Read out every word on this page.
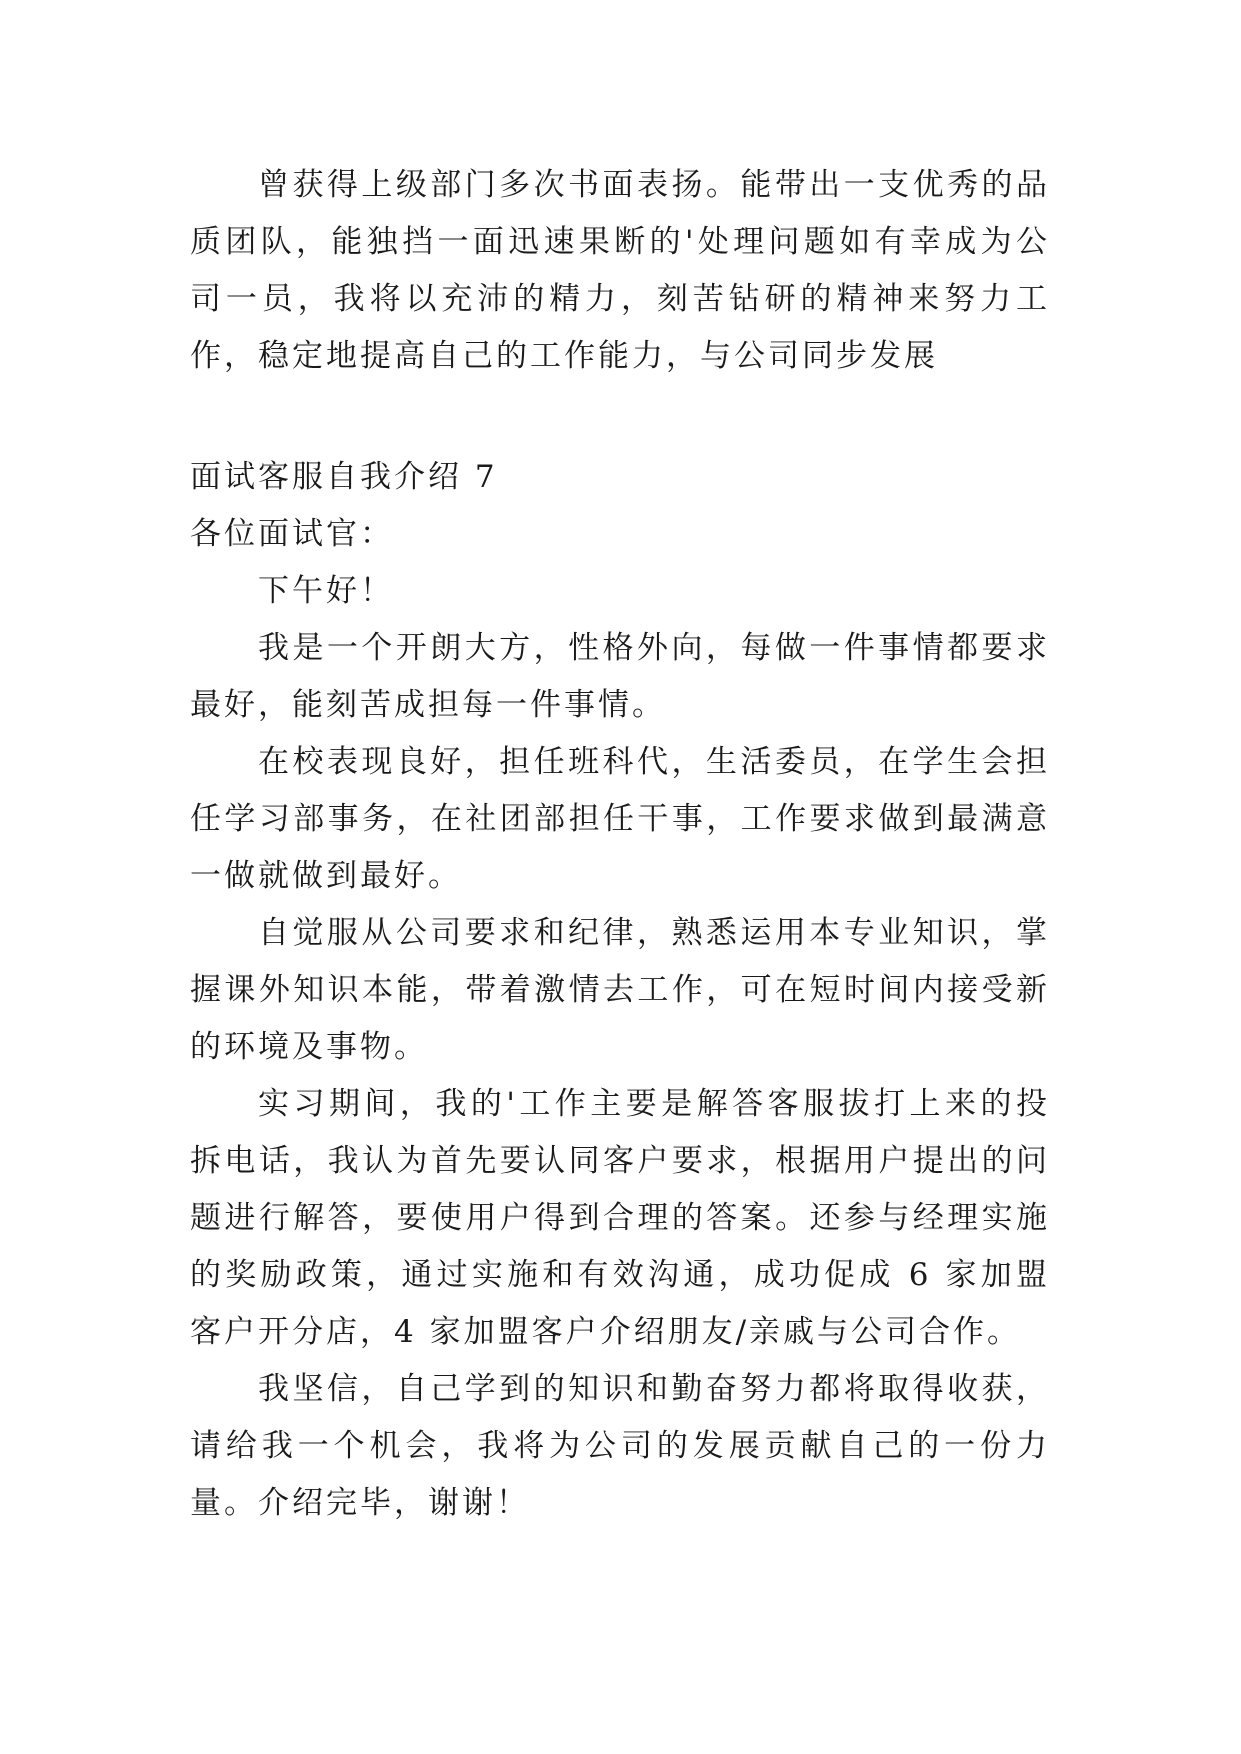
曾获得上级部门多次书面表扬。能带出一支优秀的品质团队，能独挡一面迅速果断的'处理问题如有幸成为公司一员，我将以充沛的精力，刻苦钻研的精神来努力工作，稳定地提高自己的工作能力，与公司同步发展

面试客服自我介绍 7
各位面试官：

下午好！

我是一个开朗大方，性格外向，每做一件事情都要求最好，能刻苦成担每一件事情。

在校表现良好，担任班科代，生活委员，在学生会担任学习部事务，在社团部担任干事，工作要求做到最满意一做就做到最好。

自觉服从公司要求和纪律，熟悉运用本专业知识，掌握课外知识本能，带着激情去工作，可在短时间内接受新的环境及事物。

实习期间，我的'工作主要是解答客服拔打上来的投拆电话，我认为首先要认同客户要求，根据用户提出的问题进行解答，要使用户得到合理的答案。还参与经理实施的奖励政策，通过实施和有效沟通，成功促成 6 家加盟客户开分店，4 家加盟客户介绍朋友/亲戚与公司合作。

我坚信，自己学到的知识和勤奋努力都将取得收获，请给我一个机会，我将为公司的发展贡献自己的一份力量。介绍完毕，谢谢！
